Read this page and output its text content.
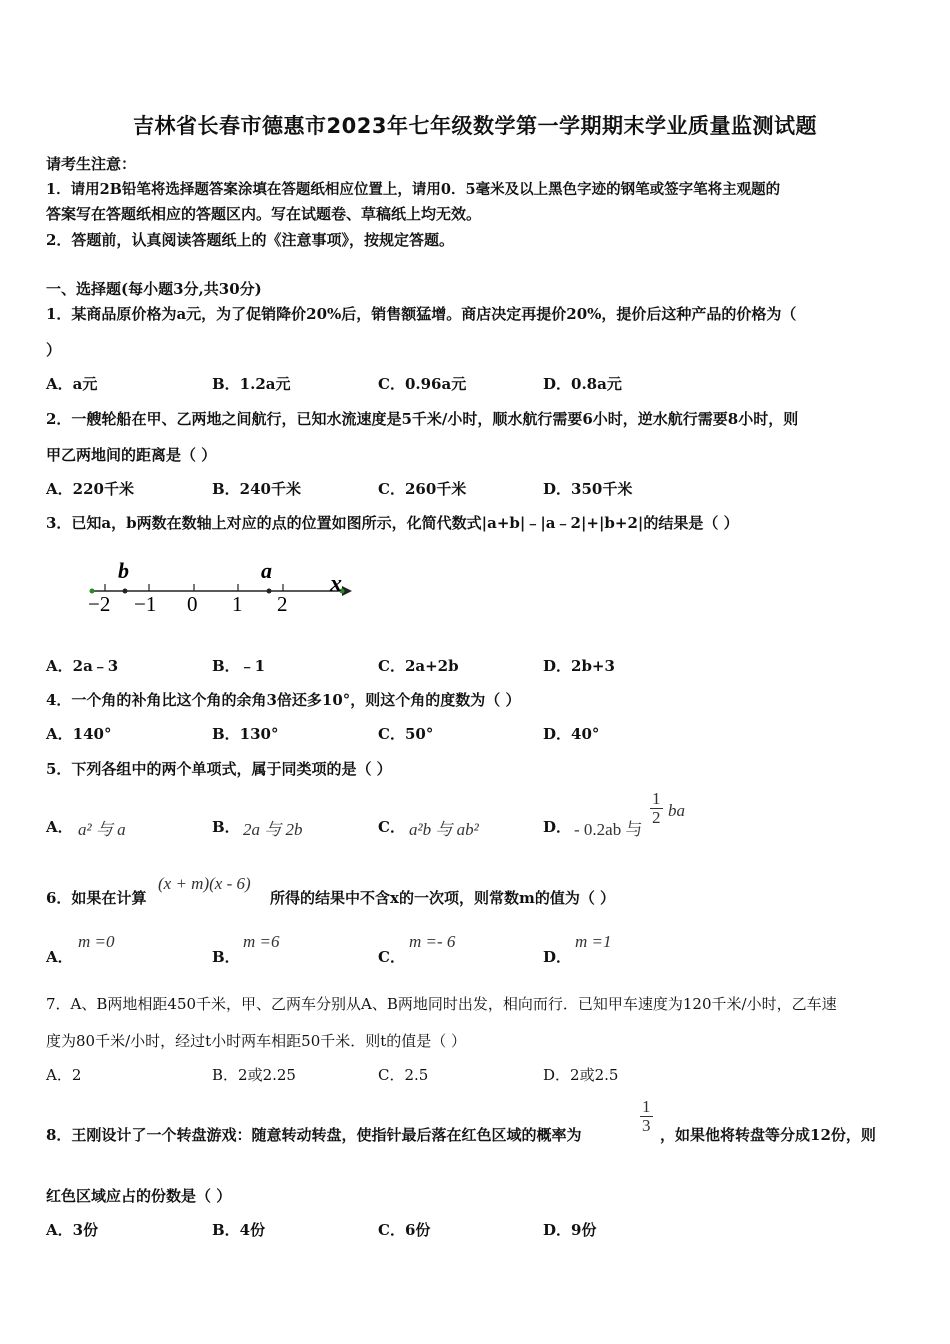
吉林省长春市德惠市2023年七年级数学第一学期期末学业质量监测试题
请考生注意：
1．请用2B铅笔将选择题答案涂填在答题纸相应位置上，请用0．5毫米及以上黑色字迹的钢笔或签字笔将主观题的
答案写在答题纸相应的答题区内。写在试题卷、草稿纸上均无效。
2．答题前，认真阅读答题纸上的《注意事项》，按规定答题。
一、选择题(每小题3分,共30分)
1．某商品原价格为a元，为了促销降价20%后，销售额猛增。商店决定再提价20%，提价后这种产品的价格为（
）
A．a元	B．1.2a元	C．0.96a元	D．0.8a元
2．一艘轮船在甲、乙两地之间航行，已知水流速度是5千米/小时，顺水航行需要6小时，逆水航行需要8小时，则
甲乙两地间的距离是（ ）
A．220千米	B．240千米	C．260千米	D．350千米
3．已知a，b两数在数轴上对应的点的位置如图所示，化简代数式|a+b|﹣|a﹣2|+|b+2|的结果是（ ）
b	a
x
−2 −1 0 1 2
A．2a﹣3	B．﹣1	C．2a+2b	D．2b+3
4．一个角的补角比这个角的余角3倍还多10°，则这个角的度数为（ ）
A．140°	B．130°	C．50°	D．40°
5．下列各组中的两个单项式，属于同类项的是（ ）
A． a² 与 a	B． 2a 与 2b	C． a²b 与 ab²	D． - 0.2ab 与
$\frac{1}{2}$ ba
6．如果在计算
(x + m)(x - 6)
所得的结果中不含x的一次项，则常数m的值为（ ）
A．
m =0
B．
m =6
C．
m =- 6
D．
m =1
7．A、B两地相距450千米，甲、乙两车分别从A、B两地同时出发，相向而行．已知甲车速度为120千米/小时，乙车速
度为80千米/小时，经过t小时两车相距50千米．则t的值是（ ）
A．2	B．2或2.25	C．2.5	D．2或2.5
8．王刚设计了一个转盘游戏：随意转动转盘，使指针最后落在红色区域的概率为	$\frac{1}{3}$ ，如果他将转盘等分成12份，则
红色区域应占的份数是（ ）
A．3份	B．4份	C．6份	D．9份
